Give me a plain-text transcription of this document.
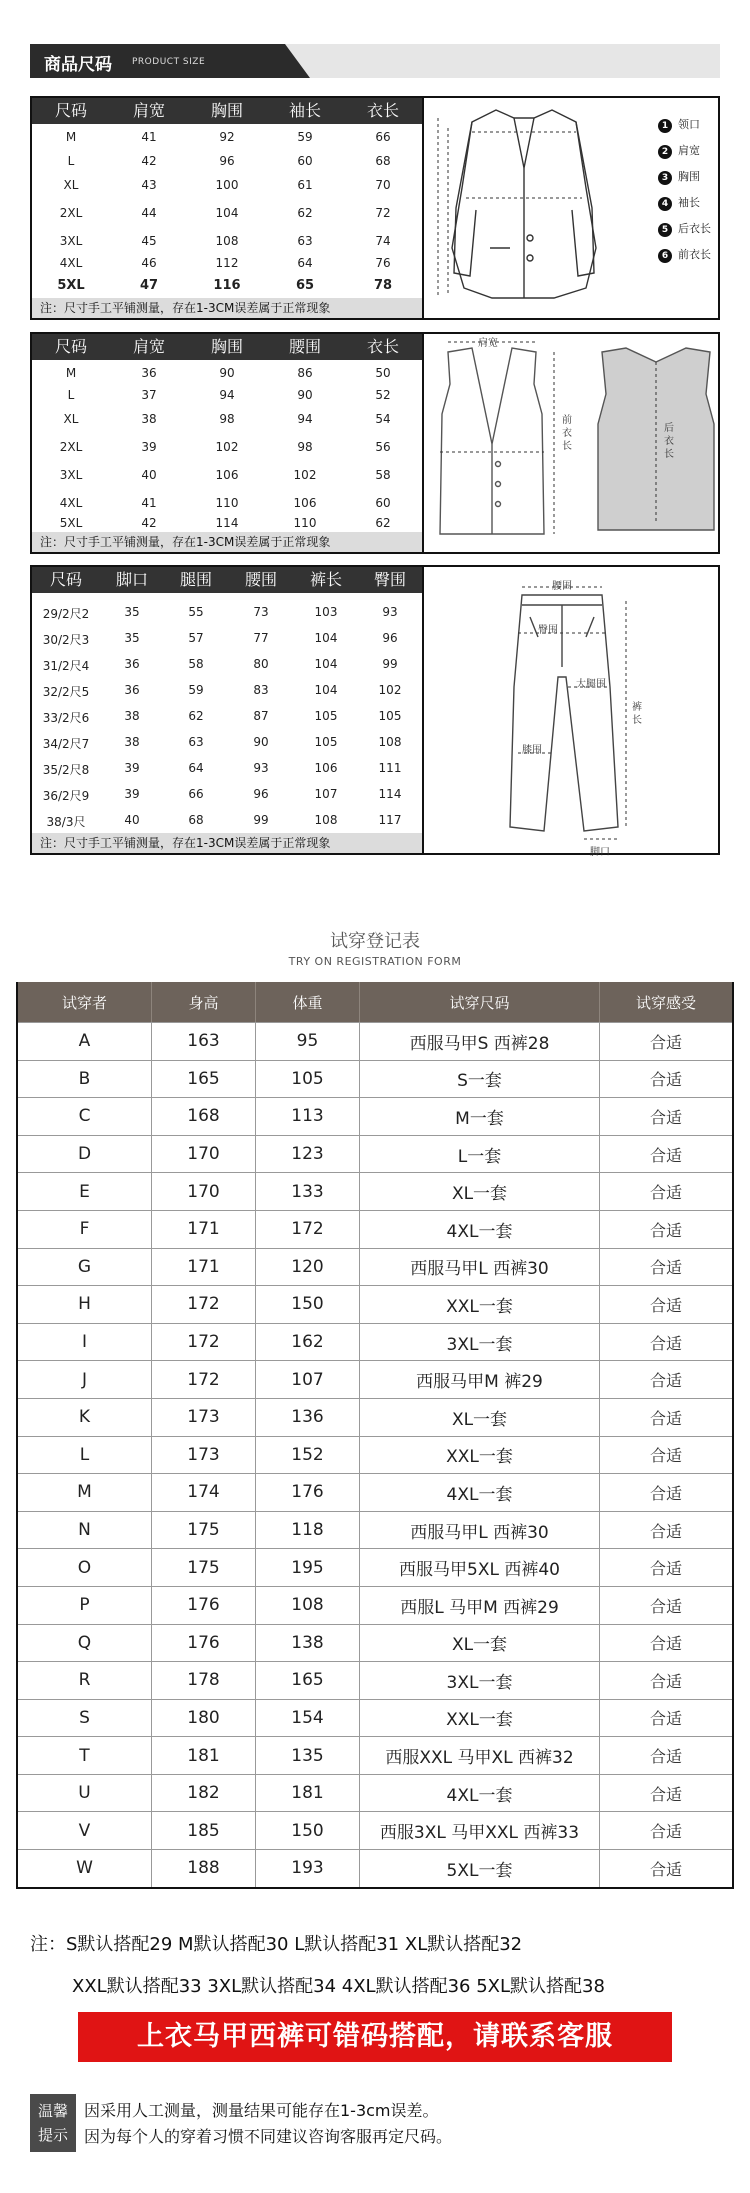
商品尺码 PRODUCT SIZE
尺码	肩宽	胸围	袖长	衣长
M	41	92	59	66
L	42	96	60	68
XL	43	100	61	70
2XL	44	104	62	72
3XL	45	108	63	74
4XL	46	112	64	76
5XL	47	116	65	78
注：尺寸手工平铺测量，存在1-3CM误差属于正常现象
1 领口
2 肩宽
3 胸围
4 袖长
5 后衣长
6 前衣长
尺码	肩宽	胸围	腰围	衣长
M	36	90	86	50
L	37	94	90	52
XL	38	98	94	54
2XL	39	102	98	56
3XL	40	106	102	58
4XL	41	110	106	60
5XL	42	114	110	62
注：尺寸手工平铺测量，存在1-3CM误差属于正常现象
肩宽
前衣长
后衣长
尺码	脚口	腿围	腰围	裤长	臀围
29/2尺2	35	55	73	103	93
30/2尺3	35	57	77	104	96
31/2尺4	36	58	80	104	99
32/2尺5	36	59	83	104	102
33/2尺6	38	62	87	105	105
34/2尺7	38	63	90	105	108
35/2尺8	39	64	93	106	111
36/2尺9	39	66	96	107	114
38/3尺	40	68	99	108	117
注：尺寸手工平铺测量，存在1-3CM误差属于正常现象
腰围
臀围
大腿围
裤长
膝围
脚口
试穿登记表
TRY ON REGISTRATION FORM
试穿者	身高	体重	试穿尺码	试穿感受
A	163	95	西服马甲S 西裤28	合适
B	165	105	S一套	合适
C	168	113	M一套	合适
D	170	123	L一套	合适
E	170	133	XL一套	合适
F	171	172	4XL一套	合适
G	171	120	西服马甲L 西裤30	合适
H	172	150	XXL一套	合适
I	172	162	3XL一套	合适
J	172	107	西服马甲M 裤29	合适
K	173	136	XL一套	合适
L	173	152	XXL一套	合适
M	174	176	4XL一套	合适
N	175	118	西服马甲L 西裤30	合适
O	175	195	西服马甲5XL 西裤40	合适
P	176	108	西服L 马甲M 西裤29	合适
Q	176	138	XL一套	合适
R	178	165	3XL一套	合适
S	180	154	XXL一套	合适
T	181	135	西服XXL 马甲XL 西裤32	合适
U	182	181	4XL一套	合适
V	185	150	西服3XL 马甲XXL 西裤33	合适
W	188	193	5XL一套	合适
注：S默认搭配29 M默认搭配30 L默认搭配31 XL默认搭配32
XXL默认搭配33 3XL默认搭配34 4XL默认搭配36 5XL默认搭配38
上衣马甲西裤可错码搭配，请联系客服
温馨
提示
因采用人工测量，测量结果可能存在1-3cm误差。
因为每个人的穿着习惯不同建议咨询客服再定尺码。
